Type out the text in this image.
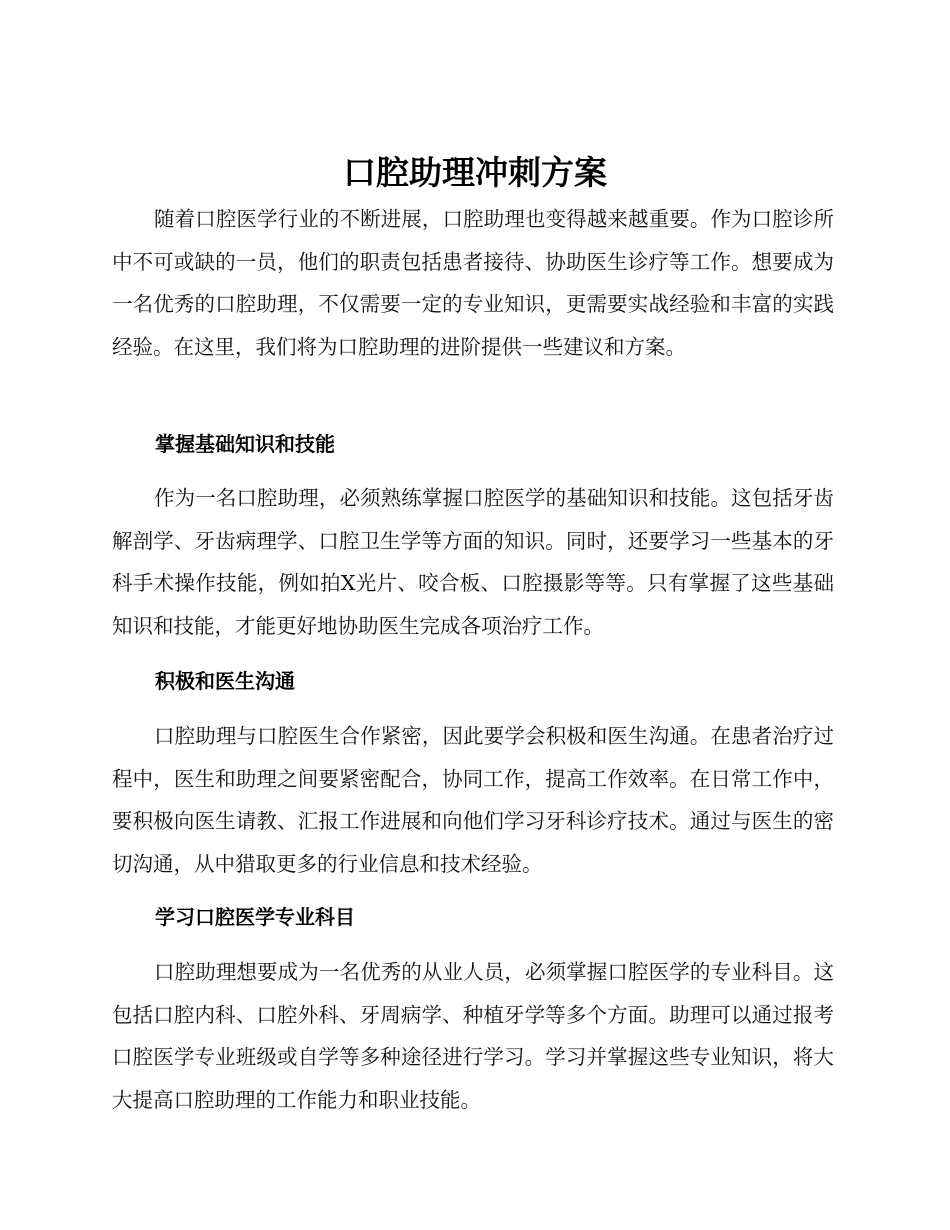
口腔助理冲刺方案

随着口腔医学行业的不断进展，口腔助理也变得越来越重要。作为口腔诊所中不可或缺的一员，他们的职责包括患者接待、协助医生诊疗等工作。想要成为一名优秀的口腔助理，不仅需要一定的专业知识，更需要实战经验和丰富的实践经验。在这里，我们将为口腔助理的进阶提供一些建议和方案。

掌握基础知识和技能

作为一名口腔助理，必须熟练掌握口腔医学的基础知识和技能。这包括牙齿解剖学、牙齿病理学、口腔卫生学等方面的知识。同时，还要学习一些基本的牙科手术操作技能，例如拍X光片、咬合板、口腔摄影等等。只有掌握了这些基础知识和技能，才能更好地协助医生完成各项治疗工作。

积极和医生沟通

口腔助理与口腔医生合作紧密，因此要学会积极和医生沟通。在患者治疗过程中，医生和助理之间要紧密配合，协同工作，提高工作效率。在日常工作中，要积极向医生请教、汇报工作进展和向他们学习牙科诊疗技术。通过与医生的密切沟通，从中猎取更多的行业信息和技术经验。

学习口腔医学专业科目

口腔助理想要成为一名优秀的从业人员，必须掌握口腔医学的专业科目。这包括口腔内科、口腔外科、牙周病学、种植牙学等多个方面。助理可以通过报考口腔医学专业班级或自学等多种途径进行学习。学习并掌握这些专业知识，将大大提高口腔助理的工作能力和职业技能。
